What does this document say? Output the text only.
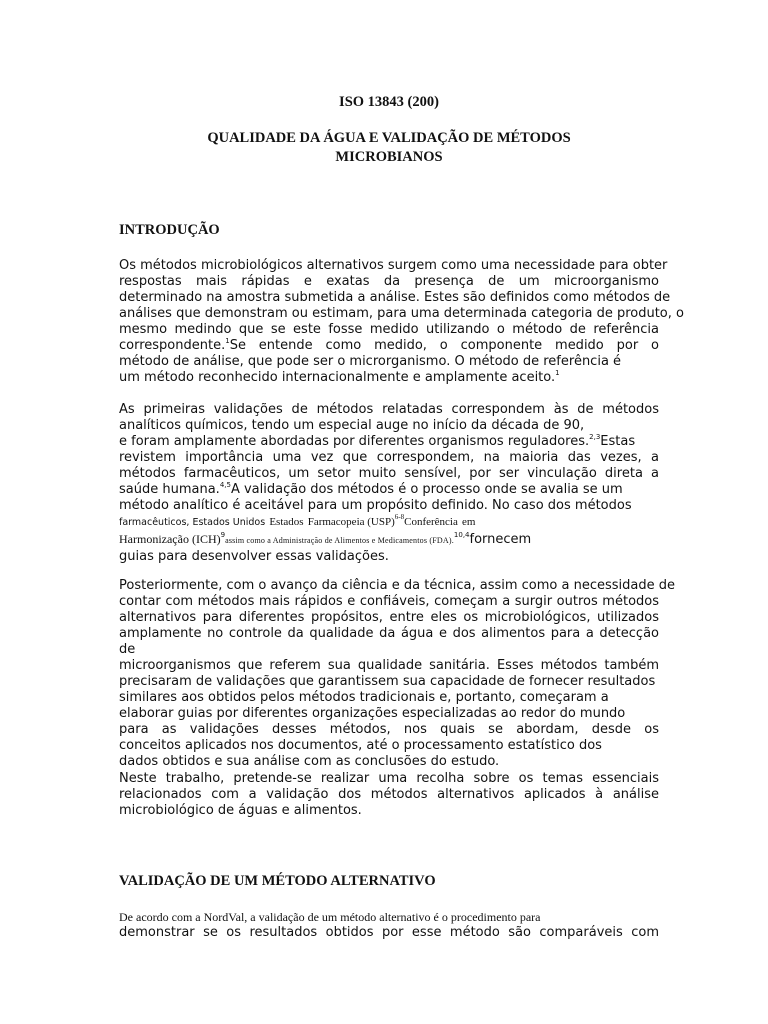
ISO 13843 (200)

QUALIDADE DA ÁGUA E VALIDAÇÃO DE MÉTODOS
MICROBIANOS

INTRODUÇÃO
Os métodos microbiológicos alternativos surgem como uma necessidade para obter
respostas mais rápidas e exatas da presença de um microorganismo
determinado na amostra submetida a análise. Estes são definidos como métodos de
análises que demonstram ou estimam, para uma determinada categoria de produto, o
mesmo medindo que se este fosse medido utilizando o método de referência
correspondente.$^1$Se entende como medido, o componente medido por o
método de análise, que pode ser o microrganismo. O método de referência é
um método reconhecido internacionalmente e amplamente aceito.$^1$
As primeiras validações de métodos relatadas correspondem às de métodos
analíticos químicos, tendo um especial auge no início da década de 90,
e foram amplamente abordadas por diferentes organismos reguladores.$^{2,3}$Estas
revistem importância uma vez que correspondem, na maioria das vezes, a
métodos farmacêuticos, um setor muito sensível, por ser vinculação direta a
saúde humana.$^{4,5}$A validação dos métodos é o processo onde se avalia se um
método analítico é aceitável para um propósito definido. No caso dos métodos
farmacêuticos, Estados Unidos Estados Farmacopeia (USP)$^{6-8}$Conferência em
Harmonização (ICH)$^9$assim como a Administração de Alimentos e Medicamentos (FDA).$^{10,4}$fornecem
guias para desenvolver essas validações.
Posteriormente, com o avanço da ciência e da técnica, assim como a necessidade de
contar com métodos mais rápidos e confiáveis, começam a surgir outros métodos
alternativos para diferentes propósitos, entre eles os microbiológicos, utilizados
amplamente no controle da qualidade da água e dos alimentos para a detecção de
microorganismos que referem sua qualidade sanitária. Esses métodos também
precisaram de validações que garantissem sua capacidade de fornecer resultados
similares aos obtidos pelos métodos tradicionais e, portanto, começaram a
elaborar guias por diferentes organizações especializadas ao redor do mundo
para as validações desses métodos, nos quais se abordam, desde os
conceitos aplicados nos documentos, até o processamento estatístico dos
dados obtidos e sua análise com as conclusões do estudo.
Neste trabalho, pretende-se realizar uma recolha sobre os temas essenciais
relacionados com a validação dos métodos alternativos aplicados à análise
microbiológico de águas e alimentos.
VALIDAÇÃO DE UM MÉTODO ALTERNATIVO
De acordo com a NordVal, a validação de um método alternativo é o procedimento para
demonstrar se os resultados obtidos por esse método são comparáveis com
